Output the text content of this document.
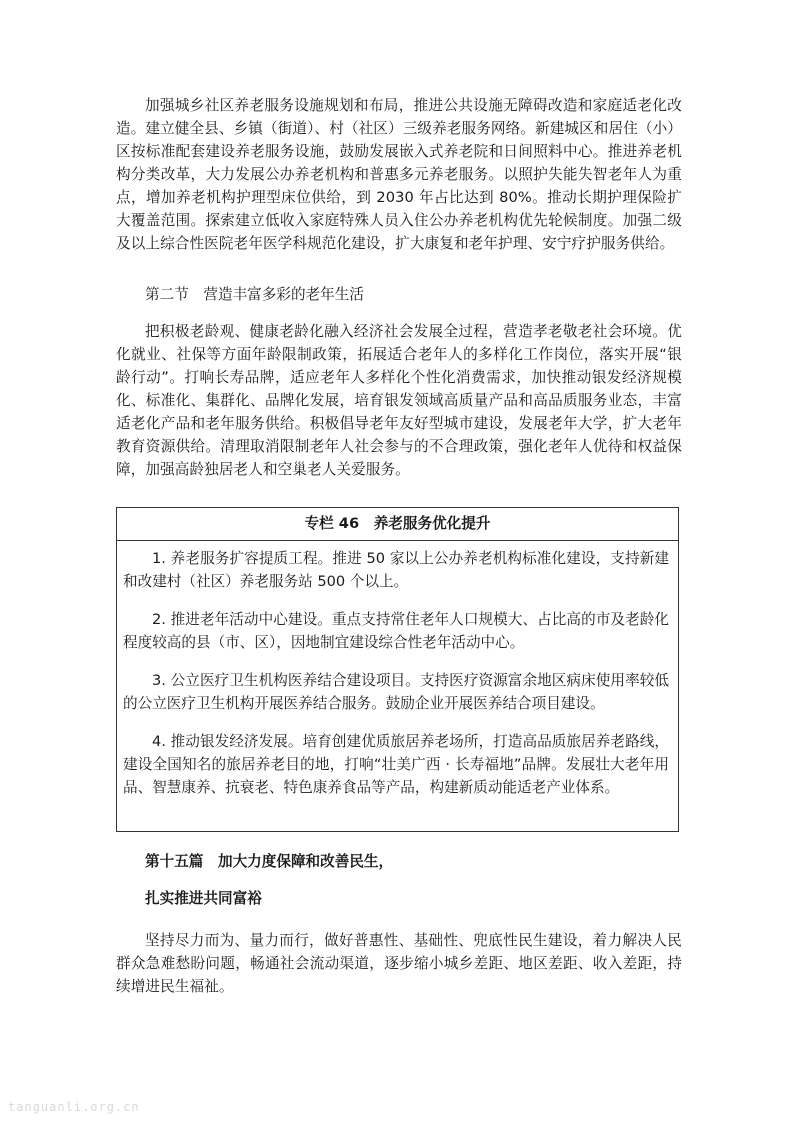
加强城乡社区养老服务设施规划和布局，推进公共设施无障碍改造和家庭适老化改造。建立健全县、乡镇（街道）、村（社区）三级养老服务网络。新建城区和居住（小）区按标准配套建设养老服务设施，鼓励发展嵌入式养老院和日间照料中心。推进养老机构分类改革，大力发展公办养老机构和普惠多元养老服务。以照护失能失智老年人为重点，增加养老机构护理型床位供给，到 2030 年占比达到 80%。推动长期护理保险扩大覆盖范围。探索建立低收入家庭特殊人员入住公办养老机构优先轮候制度。加强二级及以上综合性医院老年医学科规范化建设，扩大康复和老年护理、安宁疗护服务供给。

第二节　营造丰富多彩的老年生活

把积极老龄观、健康老龄化融入经济社会发展全过程，营造孝老敬老社会环境。优化就业、社保等方面年龄限制政策，拓展适合老年人的多样化工作岗位，落实开展“银龄行动”。打响长寿品牌，适应老年人多样化个性化消费需求，加快推动银发经济规模化、标准化、集群化、品牌化发展，培育银发领域高质量产品和高品质服务业态，丰富适老化产品和老年服务供给。积极倡导老年友好型城市建设，发展老年大学，扩大老年教育资源供给。清理取消限制老年人社会参与的不合理政策，强化老年人优待和权益保障，加强高龄独居老人和空巢老人关爱服务。

专栏 46　养老服务优化提升

1. 养老服务扩容提质工程。推进 50 家以上公办养老机构标准化建设，支持新建和改建村（社区）养老服务站 500 个以上。

2. 推进老年活动中心建设。重点支持常住老年人口规模大、占比高的市及老龄化程度较高的县（市、区），因地制宜建设综合性老年活动中心。

3. 公立医疗卫生机构医养结合建设项目。支持医疗资源富余地区病床使用率较低的公立医疗卫生机构开展医养结合服务。鼓励企业开展医养结合项目建设。

4. 推动银发经济发展。培育创建优质旅居养老场所，打造高品质旅居养老路线，建设全国知名的旅居养老目的地，打响“壮美广西 · 长寿福地”品牌。发展壮大老年用品、智慧康养、抗衰老、特色康养食品等产品，构建新质动能适老产业体系。

第十五篇　加大力度保障和改善民生，

扎实推进共同富裕

坚持尽力而为、量力而行，做好普惠性、基础性、兜底性民生建设，着力解决人民群众急难愁盼问题，畅通社会流动渠道，逐步缩小城乡差距、地区差距、收入差距，持续增进民生福祉。

tanguanli.org.cn
